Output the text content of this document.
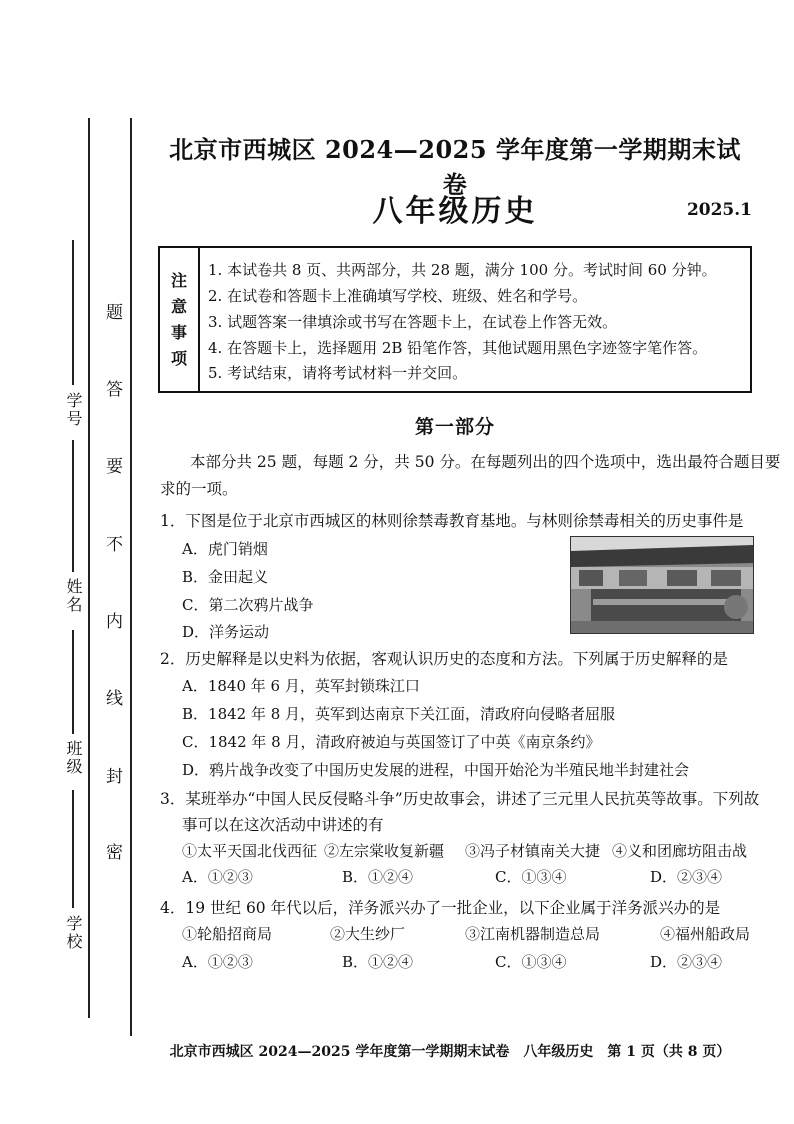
题
答
要
不
内
线
封
密
学号
姓名
班级
学校
北京市西城区 2024—2025 学年度第一学期期末试卷
八年级历史	2025.1
注
意
事
项
1. 本试卷共 8 页、共两部分，共 28 题，满分 100 分。考试时间 60 分钟。
2. 在试卷和答题卡上准确填写学校、班级、姓名和学号。
3. 试题答案一律填涂或书写在答题卡上，在试卷上作答无效。
4. 在答题卡上，选择题用 2B 铅笔作答，其他试题用黑色字迹签字笔作答。
5. 考试结束，请将考试材料一并交回。
第一部分
本部分共 25 题，每题 2 分，共 50 分。在每题列出的四个选项中，选出最符合题目要
求的一项。
1．下图是位于北京市西城区的林则徐禁毒教育基地。与林则徐禁毒相关的历史事件是
A．虎门销烟
B．金田起义
C．第二次鸦片战争
D．洋务运动
2．历史解释是以史料为依据，客观认识历史的态度和方法。下列属于历史解释的是
A．1840 年 6 月，英军封锁珠江口
B．1842 年 8 月，英军到达南京下关江面，清政府向侵略者屈服
C．1842 年 8 月，清政府被迫与英国签订了中英《南京条约》
D．鸦片战争改变了中国历史发展的进程，中国开始沦为半殖民地半封建社会
3．某班举办“中国人民反侵略斗争”历史故事会，讲述了三元里人民抗英等故事。下列故
事可以在这次活动中讲述的有
①太平天国北伐西征 ②左宗棠收复新疆 ③冯子材镇南关大捷 ④义和团廊坊阻击战
A．①②③	B．①②④	C．①③④	D．②③④
4．19 世纪 60 年代以后，洋务派兴办了一批企业，以下企业属于洋务派兴办的是
①轮船招商局	②大生纱厂	③江南机器制造总局	④福州船政局
A．①②③	B．①②④	C．①③④	D．②③④
北京市西城区 2024—2025 学年度第一学期期末试卷　八年级历史　第 1 页（共 8 页）
